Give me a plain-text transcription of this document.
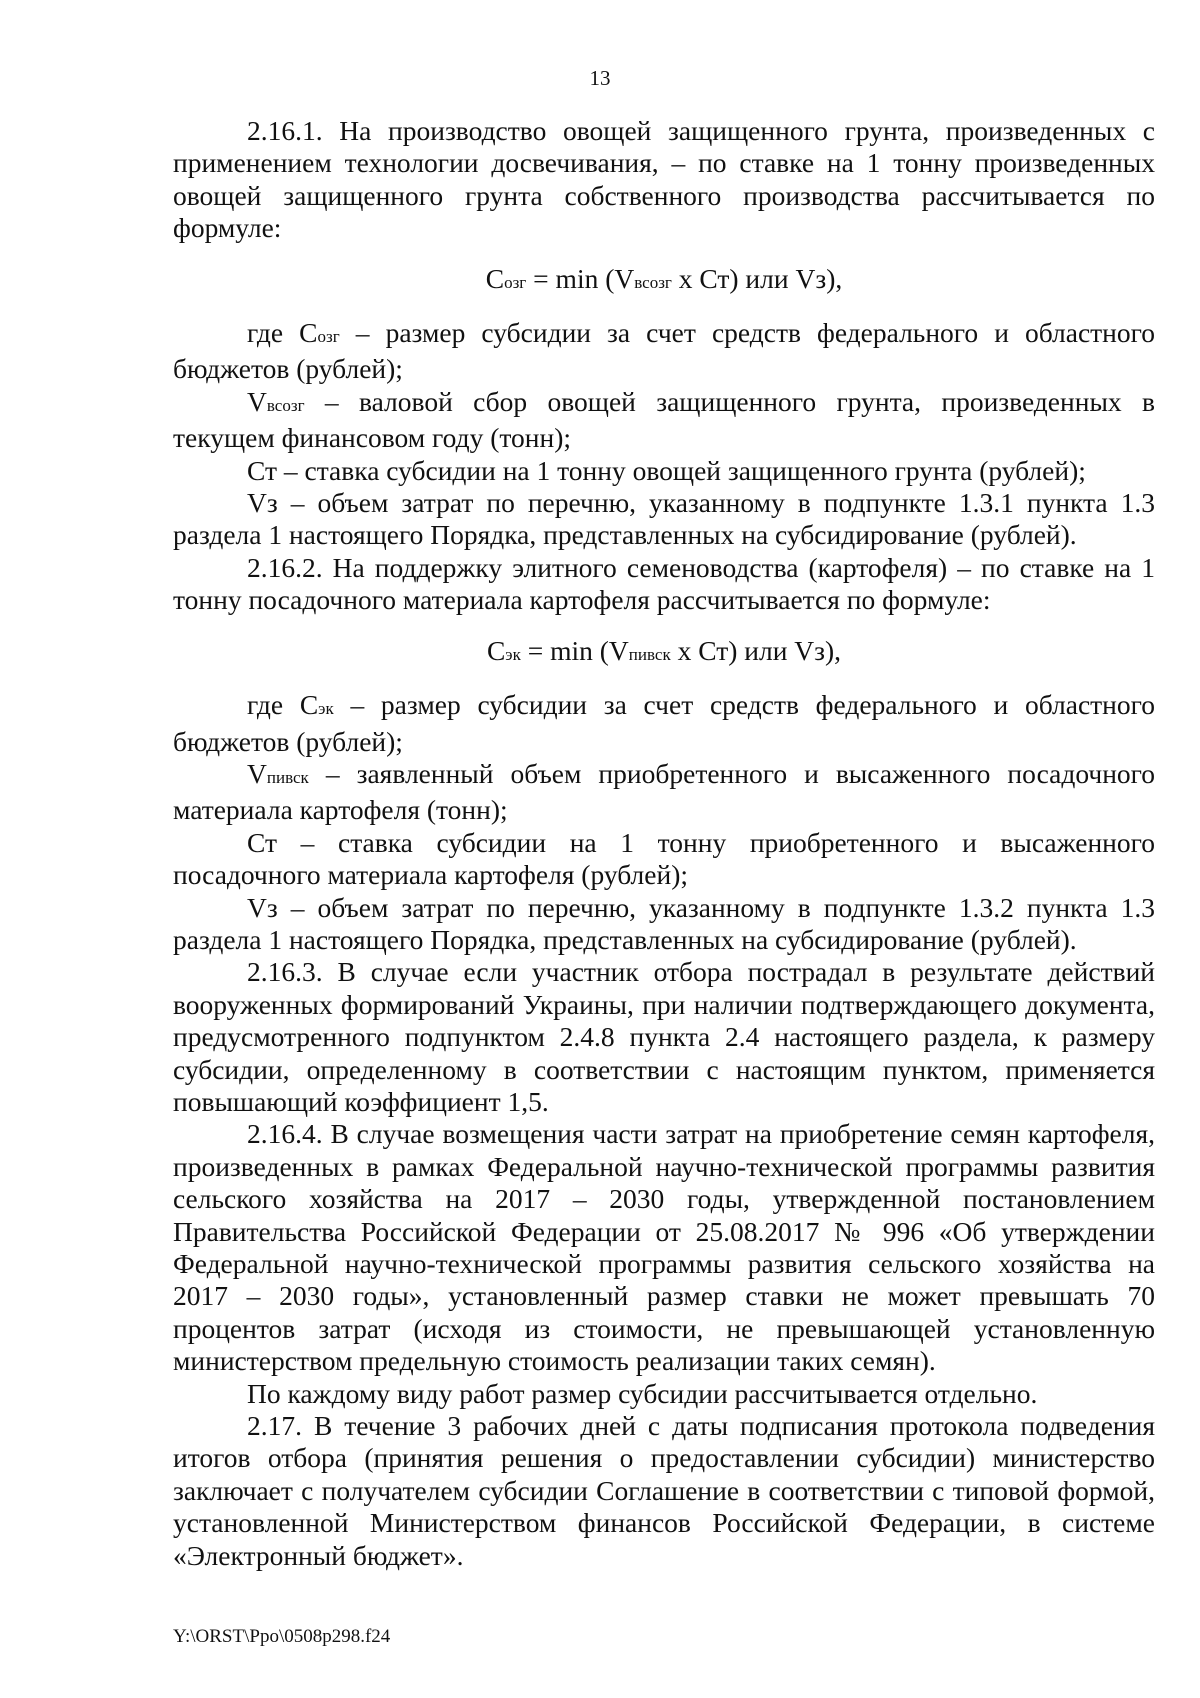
13

2.16.1. На производство овощей защищенного грунта, произведенных с применением технологии досвечивания, – по ставке на 1 тонну произведенных овощей защищенного грунта собственного производства рассчитывается по формуле:

Созг = min (Vвсозг x Ст) или Vз),

где Созг – размер субсидии за счет средств федерального и областного бюджетов (рублей);

Vвсозг – валовой сбор овощей защищенного грунта, произведенных в текущем финансовом году (тонн);

Ст – ставка субсидии на 1 тонну овощей защищенного грунта (рублей);

Vз – объем затрат по перечню, указанному в подпункте 1.3.1 пункта 1.3 раздела 1 настоящего Порядка, представленных на субсидирование (рублей).

2.16.2. На поддержку элитного семеноводства (картофеля) – по ставке на 1 тонну посадочного материала картофеля рассчитывается по формуле:

Сэк = min (Vпивск x Ст) или Vз),

где Сэк – размер субсидии за счет средств федерального и областного бюджетов (рублей);

Vпивск – заявленный объем приобретенного и высаженного посадочного материала картофеля (тонн);

Ст – ставка субсидии на 1 тонну приобретенного и высаженного посадочного материала картофеля (рублей);

Vз – объем затрат по перечню, указанному в подпункте 1.3.2 пункта 1.3 раздела 1 настоящего Порядка, представленных на субсидирование (рублей).

2.16.3. В случае если участник отбора пострадал в результате действий вооруженных формирований Украины, при наличии подтверждающего документа, предусмотренного подпунктом 2.4.8 пункта 2.4 настоящего раздела, к размеру субсидии, определенному в соответствии с настоящим пунктом, применяется повышающий коэффициент 1,5.

2.16.4. В случае возмещения части затрат на приобретение семян картофеля, произведенных в рамках Федеральной научно-технической программы развития сельского хозяйства на 2017 – 2030 годы, утвержденной постановлением Правительства Российской Федерации от 25.08.2017 № 996 «Об утверждении Федеральной научно-технической программы развития сельского хозяйства на 2017 – 2030 годы», установленный размер ставки не может превышать 70 процентов затрат (исходя из стоимости, не превышающей установленную министерством предельную стоимость реализации таких семян).

По каждому виду работ размер субсидии рассчитывается отдельно.

2.17. В течение 3 рабочих дней с даты подписания протокола подведения итогов отбора (принятия решения о предоставлении субсидии) министерство заключает с получателем субсидии Соглашение в соответствии с типовой формой, установленной Министерством финансов Российской Федерации, в системе «Электронный бюджет».

Y:\ORST\Ppo\0508p298.f24
